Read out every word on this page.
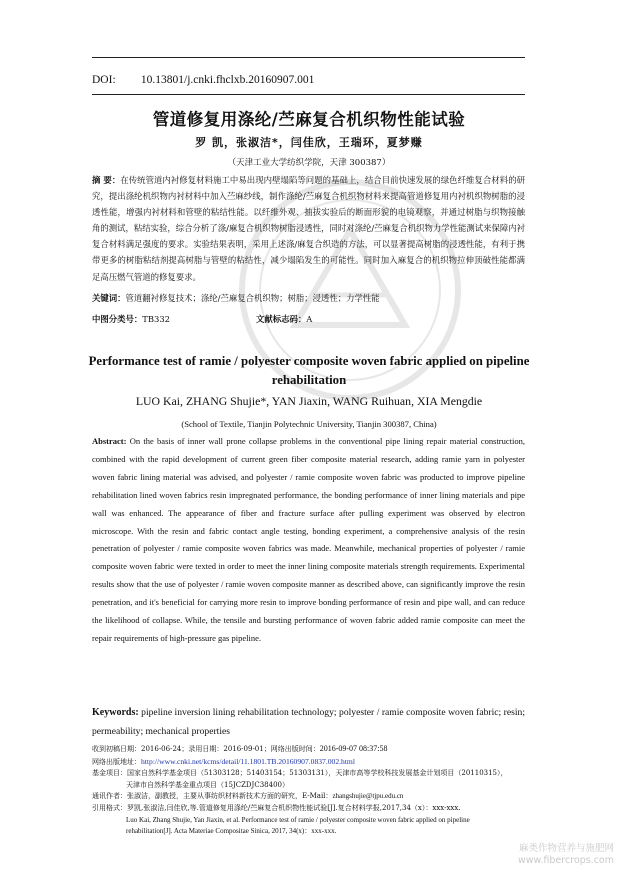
DOI: 10.13801/j.cnki.fhclxb.20160907.001
管道修复用涤纶/苎麻复合机织物性能试验
罗 凯，张淑洁*，闫佳欣，王瑞环，夏梦赚
（天津工业大学纺织学院，天津 300387）
摘 要：在传统管道内衬修复材料施工中易出现内壁塌陷等问题的基础上，结合目前快速发展的绿色纤维复合材料的研究，提出涤纶机织物内衬材料中加入苎麻纱线，制作涤纶/苎麻复合机织物材料来提高管道修复用内衬机织物树脂的浸透性能，增强内衬材料和管壁的粘结性能。以纤维外观、抽拔实验后的断面形貌的电镜观察，并通过树脂与织物接触角的测试，粘结实验，综合分析了涤/麻复合机织物树脂浸透性，同时对涤纶/苎麻复合机织物力学性能测试来保障内衬复合材料满足强度的要求。实验结果表明，采用上述涤/麻复合织造的方法，可以显著提高树脂的浸透性能，有利于携带更多的树脂粘结剂提高树脂与管壁的粘结性，减少塌陷发生的可能性。同时加入麻复合的机织物拉伸顶破性能都满足高压燃气管道的修复要求。
关键词：管道翻衬修复技术；涤纶/苎麻复合机织物；树脂；浸透性；力学性能
中图分类号：TB332	文献标志码：A
Performance test of ramie / polyester composite woven fabric applied on pipeline rehabilitation
LUO Kai, ZHANG Shujie*, YAN Jiaxin, WANG Ruihuan, XIA Mengdie
(School of Textile, Tianjin Polytechnic University, Tianjin 300387, China)
Abstract: On the basis of inner wall prone collapse problems in the conventional pipe lining repair material construction, combined with the rapid development of current green fiber composite material research, adding ramie yarn in polyester woven fabric lining material was advised, and polyester / ramie composite woven fabric was producted to improve pipeline rehabilitation lined woven fabrics resin impregnated performance, the bonding performance of inner lining materials and pipe wall was enhanced. The appearance of fiber and fracture surface after pulling experiment was observed by electron microscope. With the resin and fabric contact angle testing, bonding experiment, a comprehensive analysis of the resin penetration of polyester / ramie composite woven fabrics was made. Meanwhile, mechanical properties of polyester / ramie composite woven fabric were texted in order to meet the inner lining composite materials strength requirements. Experimental results show that the use of polyester / ramie woven composite manner as described above, can significantly improve the resin penetration, and it's beneficial for carrying more resin to improve bonding performance of resin and pipe wall, and can reduce the likelihood of collapse. While, the tensile and bursting performance of woven fabric added ramie composite can meet the repair requirements of high-pressure gas pipeline.
Keywords: pipeline inversion lining rehabilitation technology; polyester / ramie composite woven fabric; resin; permeability; mechanical properties
收到初稿日期：2016-06-24；录用日期：2016-09-01；网络出版时间：2016-09-07 08:37:58
网络出版地址：http://www.cnki.net/kcms/detail/11.1801.TB.20160907.0837.002.html
基金项目：国家自然科学基金项目（51303128；51403154；51303131），天津市高等学校科技发展基金计划项目（20110315），
天津市自然科学基金重点项目（15JCZDJC38400）
通讯作者：张淑洁，副教授，主要从事纺织材料新技术方面的研究，E-Mail：zhangshujie@tjpu.edu.cn
引用格式：罗凯,张淑洁,闫佳欣,等.管道修复用涤纶/苎麻复合机织物性能试验[J].复合材料学报,2017,34（x）：xxx-xxx.
Luo Kai, Zhang Shujie, Yan Jiaxin, et al. Performance test of ramie / polyester composite woven fabric applied on pipeline
rehabilitation[J]. Acta Materiae Compositae Sinica, 2017, 34(x)：xxx-xxx.
麻类作物营养与施肥网
www.fibercrops.com
